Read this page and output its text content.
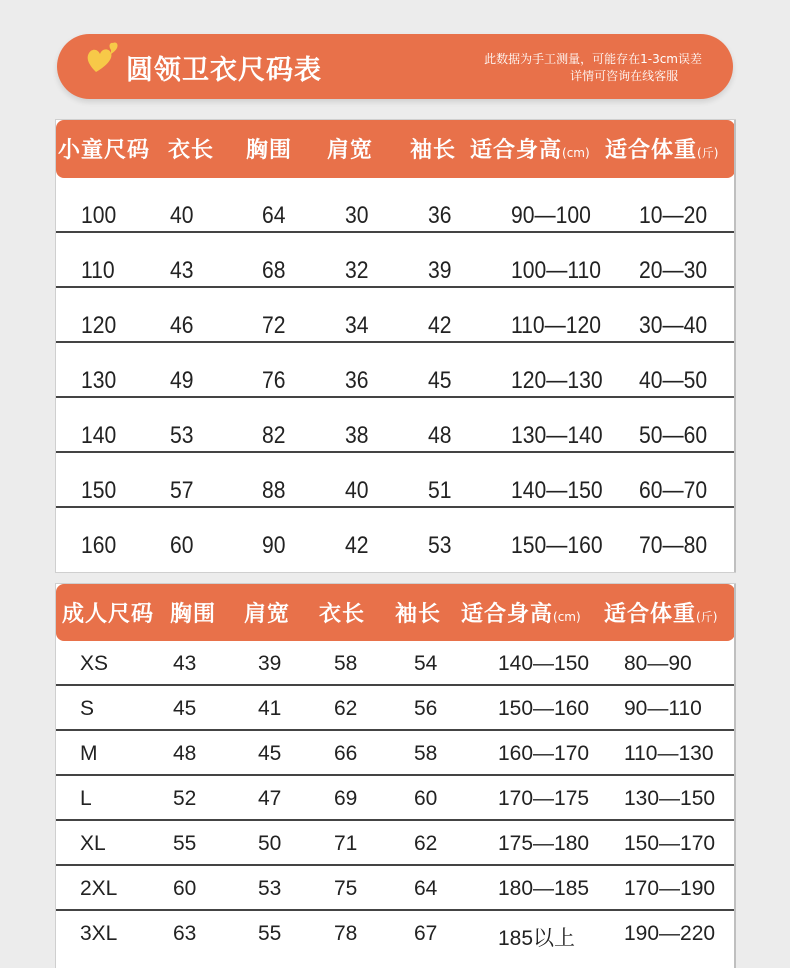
圆领卫衣尺码表	此数据为手工测量，可能存在1-3cm误差
详情可咨询在线客服
小童尺码 衣长 胸围 肩宽 袖长 适合身高(cm) 适合体重(斤)
100 40	64 30 36 90—100 10—20
110 43	68 32 39 100—110 20—30
120 46	72 34 42 110—120 30—40
130 49	76 36 45 120—130 40—50
140 53	82 38 48 130—140 50—60
150 57	88 40 51 140—150 60—70
160 60	90 42 53 150—160 70—80
成人尺码 胸围 肩宽 衣长 袖长 适合身高(cm) 适合体重(斤)
XS	43	39	58	54	140—150 80—90
S	45	41	62	56	150—160 90—110
M	48	45	66	58	160—170 110—130
L	52	47	69	60	170—175 130—150
XL	55	50	71	62	175—180 150—170
2XL	60	53	75	64	180—185 170—190
3XL	63	55	78	67	185以上 190—220
